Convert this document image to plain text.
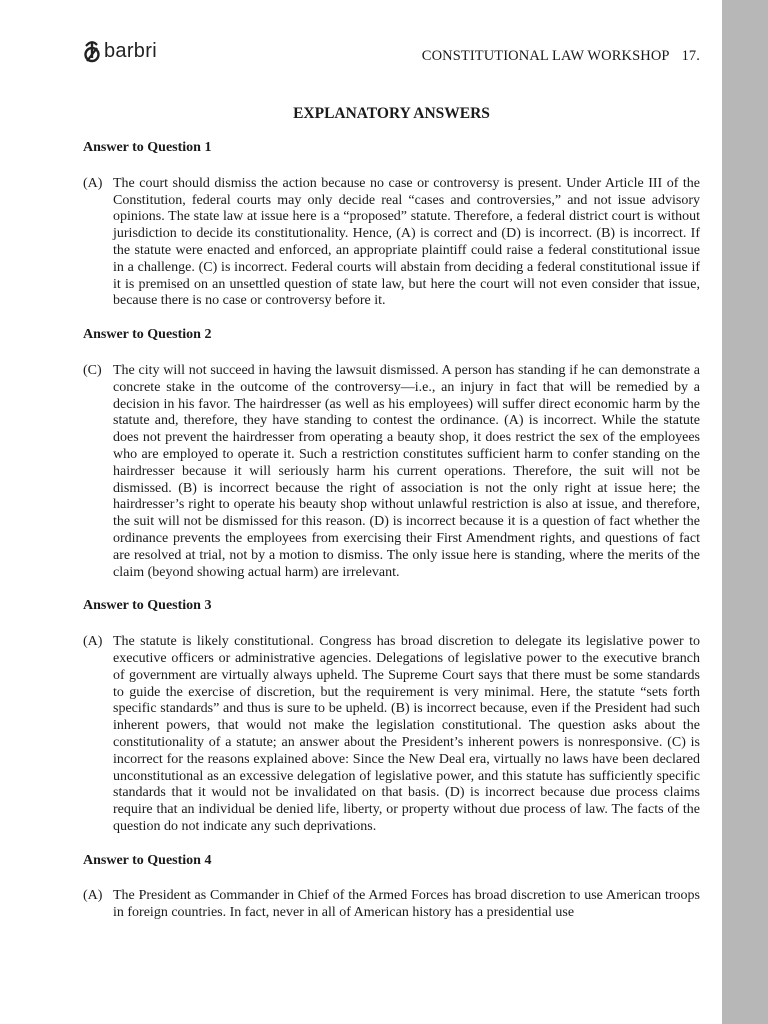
barbri	CONSTITUTIONAL LAW WORKSHOP 17.
EXPLANATORY ANSWERS
Answer to Question 1
(A) The court should dismiss the action because no case or controversy is present. Under Article III of the Constitution, federal courts may only decide real “cases and controversies,” and not issue advisory opinions. The state law at issue here is a “proposed” statute. Therefore, a federal district court is without jurisdiction to decide its constitutionality. Hence, (A) is correct and (D) is incorrect. (B) is incorrect. If the statute were enacted and enforced, an appropriate plaintiff could raise a federal constitutional issue in a challenge. (C) is incorrect. Federal courts will abstain from deciding a federal constitutional issue if it is premised on an unsettled question of state law, but here the court will not even consider that issue, because there is no case or controversy before it.
Answer to Question 2
(C) The city will not succeed in having the lawsuit dismissed. A person has standing if he can demonstrate a concrete stake in the outcome of the controversy—i.e., an injury in fact that will be remedied by a decision in his favor. The hairdresser (as well as his employees) will suffer direct economic harm by the statute and, therefore, they have standing to contest the ordinance. (A) is incorrect. While the statute does not prevent the hairdresser from operating a beauty shop, it does restrict the sex of the employees who are employed to operate it. Such a restriction constitutes sufficient harm to confer standing on the hairdresser because it will seriously harm his current operations. Therefore, the suit will not be dismissed. (B) is incorrect because the right of association is not the only right at issue here; the hairdresser’s right to operate his beauty shop without unlawful restriction is also at issue, and therefore, the suit will not be dismissed for this reason. (D) is incorrect because it is a question of fact whether the ordinance prevents the employees from exercising their First Amendment rights, and questions of fact are resolved at trial, not by a motion to dismiss. The only issue here is standing, where the merits of the claim (beyond showing actual harm) are irrelevant.
Answer to Question 3
(A) The statute is likely constitutional. Congress has broad discretion to delegate its legislative power to executive officers or administrative agencies. Delegations of legislative power to the executive branch of government are virtually always upheld. The Supreme Court says that there must be some standards to guide the exercise of discretion, but the requirement is very minimal. Here, the statute “sets forth specific standards” and thus is sure to be upheld. (B) is incorrect because, even if the President had such inherent powers, that would not make the legislation constitutional. The question asks about the constitutionality of a statute; an answer about the President’s inherent powers is nonresponsive. (C) is incorrect for the reasons explained above: Since the New Deal era, virtually no laws have been declared unconstitutional as an excessive delegation of legislative power, and this statute has sufficiently specific standards that it would not be invalidated on that basis. (D) is incorrect because due process claims require that an individual be denied life, liberty, or property without due process of law. The facts of the question do not indicate any such deprivations.
Answer to Question 4
(A) The President as Commander in Chief of the Armed Forces has broad discretion to use American troops in foreign countries. In fact, never in all of American history has a presidential use
